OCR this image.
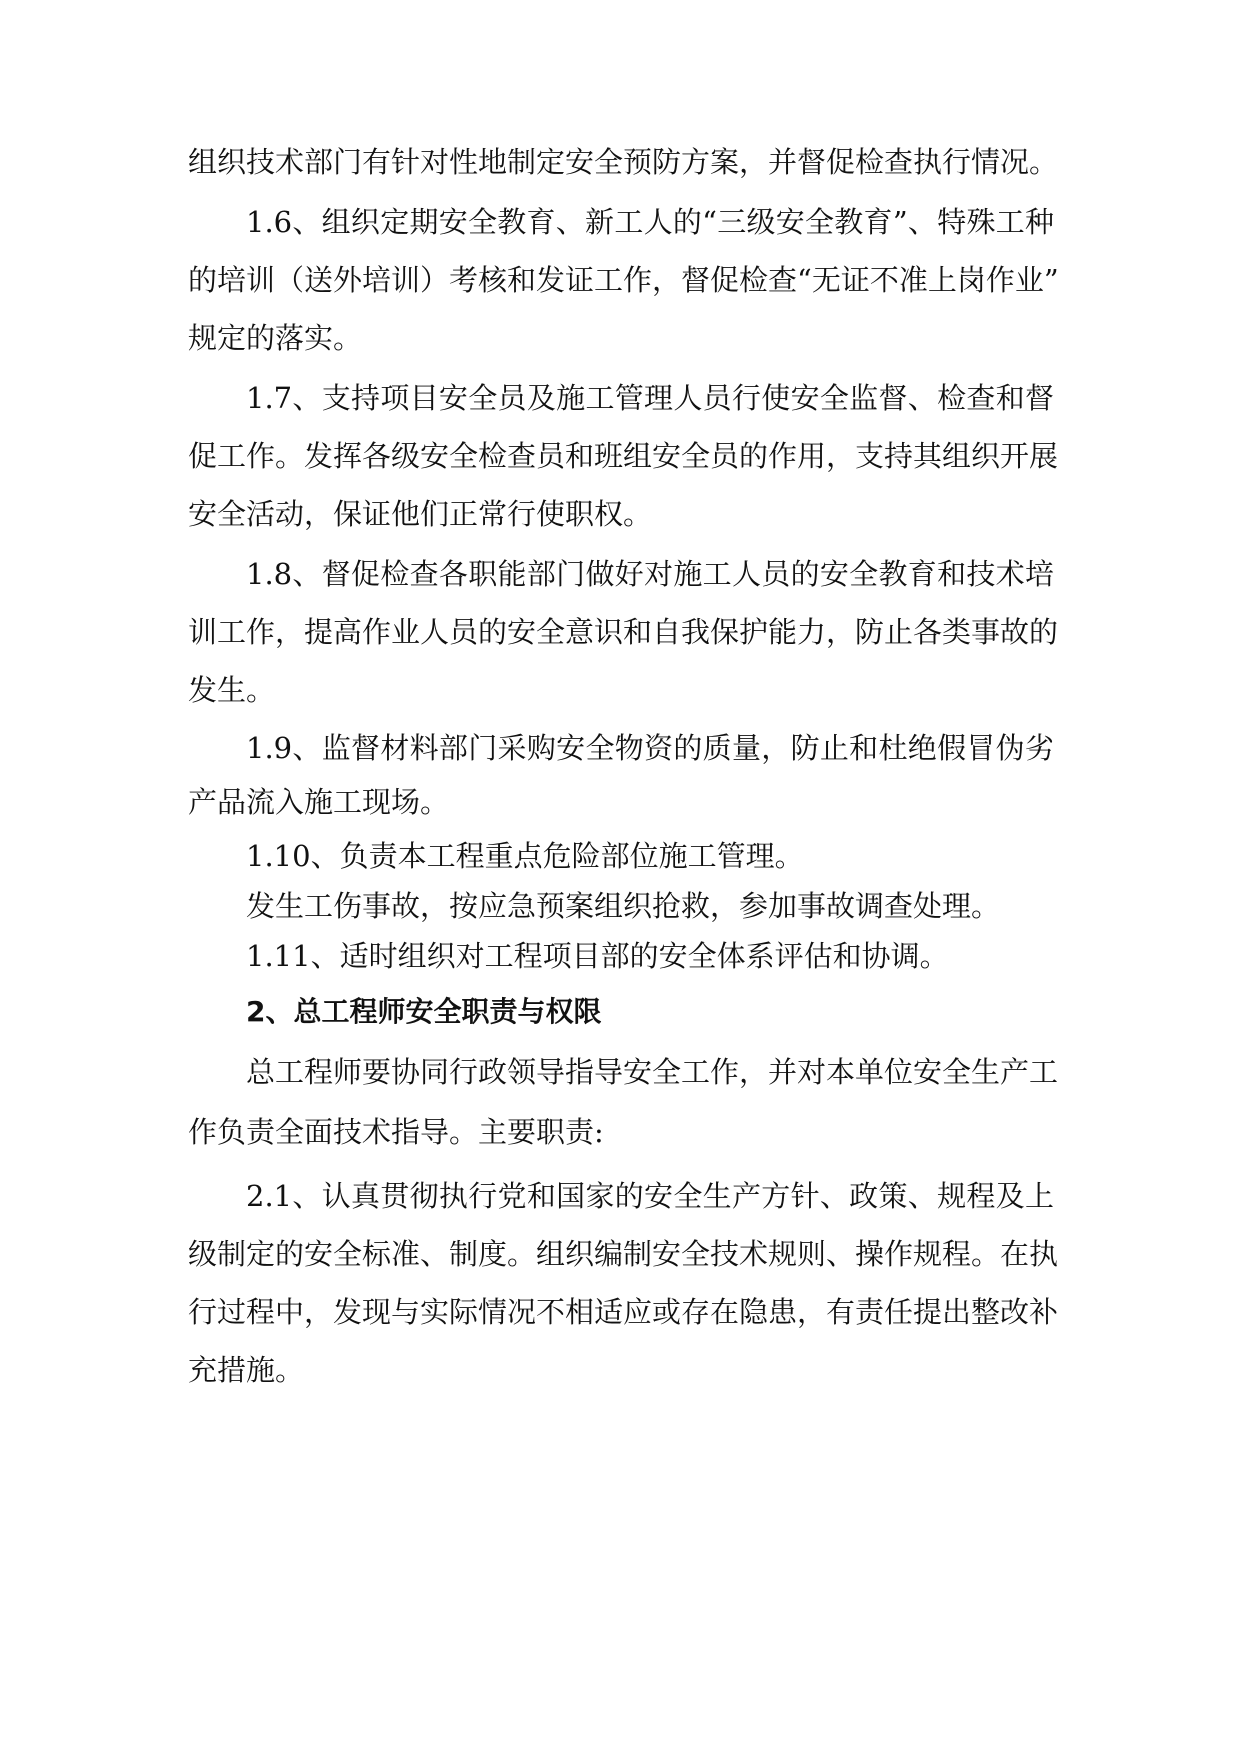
组织技术部门有针对性地制定安全预防方案，并督促检查执行情况。
1.6、组织定期安全教育、新工人的“三级安全教育”、特殊工种
的培训（送外培训）考核和发证工作，督促检查“无证不准上岗作业”
规定的落实。
1.7、支持项目安全员及施工管理人员行使安全监督、检查和督
促工作。发挥各级安全检查员和班组安全员的作用，支持其组织开展
安全活动，保证他们正常行使职权。
1.8、督促检查各职能部门做好对施工人员的安全教育和技术培
训工作，提高作业人员的安全意识和自我保护能力，防止各类事故的
发生。
1.9、监督材料部门采购安全物资的质量，防止和杜绝假冒伪劣
产品流入施工现场。
1.10、负责本工程重点危险部位施工管理。
发生工伤事故，按应急预案组织抢救，参加事故调查处理。
1.11、适时组织对工程项目部的安全体系评估和协调。
2、总工程师安全职责与权限
总工程师要协同行政领导指导安全工作，并对本单位安全生产工
作负责全面技术指导。主要职责:
2.1、认真贯彻执行党和国家的安全生产方针、政策、规程及上
级制定的安全标准、制度。组织编制安全技术规则、操作规程。在执
行过程中，发现与实际情况不相适应或存在隐患，有责任提出整改补
充措施。
